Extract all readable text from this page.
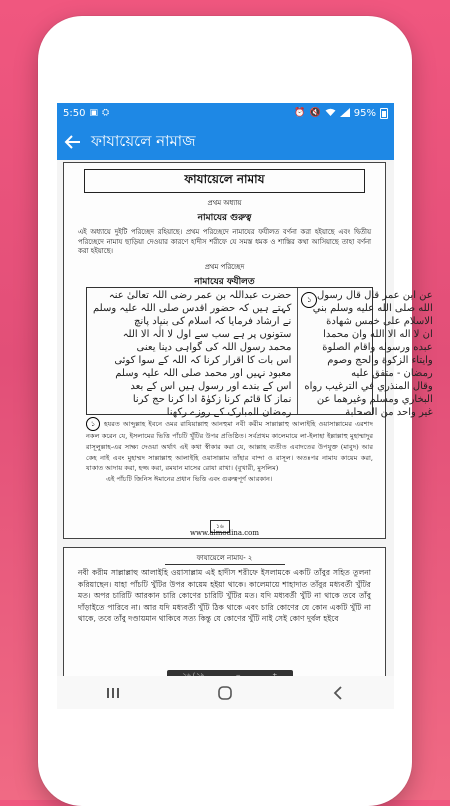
5:50 ▣ ⛭	⏰ 🔇	95%
ফাযায়েলে নামাজ
ফাযায়েলে নামায
প্রথম অধ্যায়
নামাযের গুরুত্ব
এই অধ্যায়ে দুইটি পরিচ্ছেদ রহিয়াছে। প্রথম পরিচ্ছেদে নামাযের ফযীলত বর্ণনা করা হইয়াছে এবং দ্বিতীয় পরিচ্ছেদে নামায ছাড়িয়া দেওয়ার কারণে হাদীস শরীফে যে সমস্ত ধমক ও শাস্তির কথা আসিয়াছে তাহা বর্ণনা করা হইয়াছে।
প্রথম পরিচ্ছেদ
নামাযের ফযীলত
حضرت عبداللہ بن عمر رضی اللہ تعالیٰ عنہ
کہتے ہیں کہ حضور اقدس صلی اللہ علیہ وسلم
نے ارشاد فرمایا کہ اسلام کی بنیاد پانچ
ستونوں پر ہے سب سے اول لا الٰہ الا اللہ
محمد رسول اللہ کی گواہی دینا یعنی
اس بات کا اقرار کرنا کہ اللہ کے سوا کوئی
معبود نہیں اور محمد صلی اللہ علیہ وسلم
اس کے بندے اور رسول ہیں اس کے بعد
نماز کا قائم کرنا زکوٰۃ ادا کرنا حج کرنا
رمضان المبارک کے روزے رکھنا
১ عن ابن عمر قال قال رسول
الله صلى الله عليه وسلم بني
الاسلام على خمس شهادة
ان لا اله الا الله وان محمدا
عبده ورسوله واقام الصلوة
وايتاء الزكوة والحج وصوم
رمضان - متفق عليه
وقال المنذري في الترغيب رواه
البخاري ومسلم وغيرهما عن
غير واحد من الصحابة
১ হযরত আব্দুল্লাহ ইবনে ওমর রাযিয়াল্লাহু আনহুমা নবী করীম সাল্লাল্লাহু আলাইহি ওয়াসাল্লামের এরশাদ নকল করেন যে, ইসলামের ভিত্তি পাঁচটি খুঁটির উপর প্রতিষ্ঠিত। সর্বপ্রথম কালেমায়ে লা-ইলাহা ইল্লাল্লাহু মুহাম্মাদুর রাসূলুল্লাহ-এর সাক্ষ্য দেওয়া অর্থাৎ এই কথা স্বীকার করা যে, আল্লাহ ব্যতীত এবাদতের উপযুক্ত (মাবুদ) আর কেহ নাই এবং মুহাম্মদ সাল্লাল্লাহু আলাইহি ওয়াসাল্লাম তাঁহার বান্দা ও রাসূল। অতঃপর নামায কায়েম করা, যাকাত আদায় করা, হজ্জ করা, রমযান মাসের রোযা রাখা। (বুখারী, মুসলিম)
এই পাঁচটি জিনিস ঈমানের প্রধান ভিত্তি এবং গুরুত্বপূর্ণ আরকান।
১৬
www.almodina.com
ফাযায়েলে নামায- ২
নবী করীম সাল্লাল্লাহু আলাইহি ওয়াসাল্লাম এই হাদীস শরীফে ইসলামকে একটি তাঁবুর সহিত তুলনা করিয়াছেন। যাহা পাঁচটি খুঁটির উপর কায়েম হইয়া থাকে। কালেমায়ে শাহাদাত তাঁবুর মধ্যবর্তী খুঁটির মত। অপর চারিটি আরকান চারি কোণের চারিটি খুঁটির মত। যদি মধ্যবর্তী খুঁটি না থাকে তবে তাঁবু দাঁড়াইতে পারিবে না। আর যদি মধ্যবর্তী খুঁটি ঠিক থাকে এবং চারি কোণের যে কোন একটি খুঁটি না থাকে, তবে তাঁবু দণ্ডায়মান থাকিবে সত্য কিন্তু যে কোণের খুঁটি নাই সেই কোণ দুর্বল হইবে
